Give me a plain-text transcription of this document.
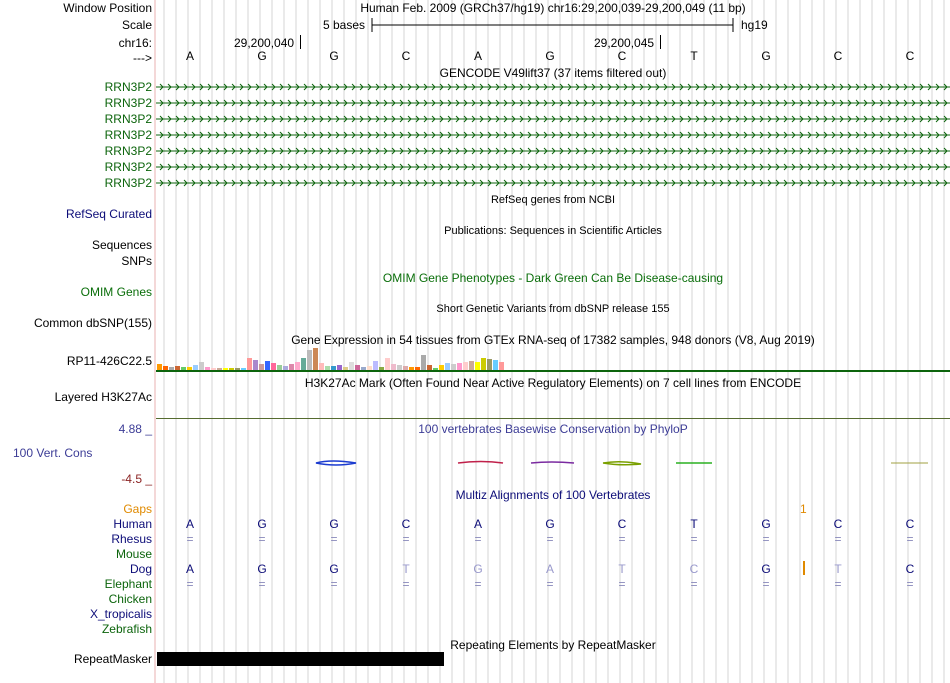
Window Position	Human Feb. 2009 (GRCh37/hg19) chr16:29,200,039-29,200,049 (11 bp)
Scale	5 bases	hg19
chr16:	29,200,040	29,200,045
--->	A	G	G	C	A	G	C	T	G	C	C
GENCODE V49lift37 (37 items filtered out)
RRN3P2
RRN3P2
RRN3P2
RRN3P2
RRN3P2
RRN3P2
RRN3P2
RefSeq genes from NCBI
RefSeq Curated
Publications: Sequences in Scientific Articles
Sequences
SNPs
OMIM Gene Phenotypes - Dark Green Can Be Disease-causing
OMIM Genes
Short Genetic Variants from dbSNP release 155
Common dbSNP(155)
Gene Expression in 54 tissues from GTEx RNA-seq of 17382 samples, 948 donors (V8, Aug 2019)
RP11-426C22.5
H3K27Ac Mark (Often Found Near Active Regulatory Elements) on 7 cell lines from ENCODE
Layered H3K27Ac
4.88 _	100 vertebrates Basewise Conservation by PhyloP
100 Vert. Cons
-4.5 _
Multiz Alignments of 100 Vertebrates
Gaps	1
Human	A	G	G	C	A	G	C	T	G	C	C
Rhesus	=	=	=	=	=	=	=	=	=	=	=
Mouse
Dog	A	G	G	T	G	A	T	C	G	T	C
Elephant	=	=	=	=	=	=	=	=	=	=	=
Chicken
X_tropicalis
Zebrafish
Repeating Elements by RepeatMasker
RepeatMasker
